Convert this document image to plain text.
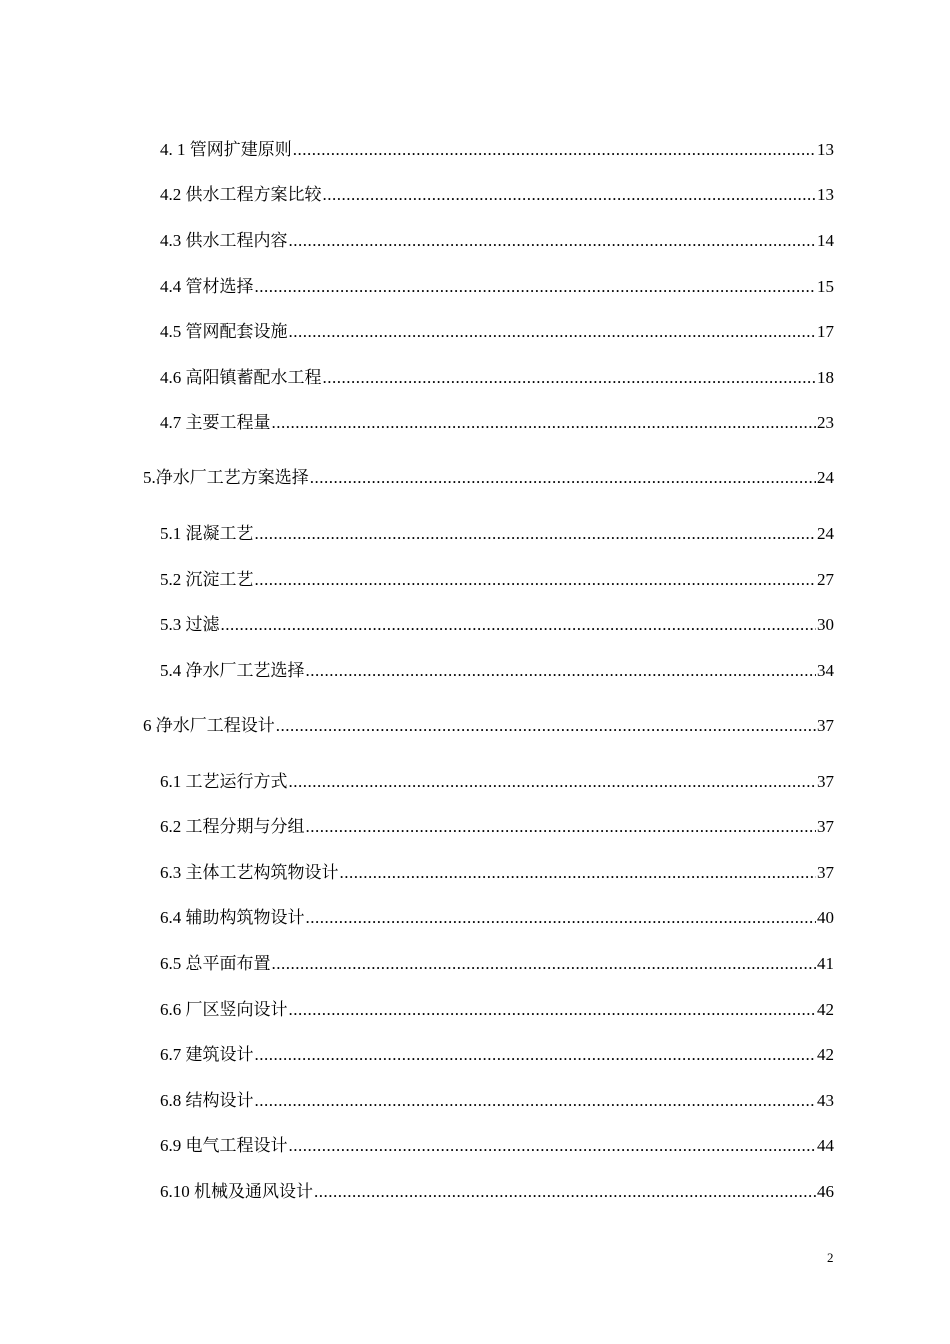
4. 1 管网扩建原则 .....	13
4.2 供水工程方案比较 .....	13
4.3 供水工程内容 .....	14
4.4 管材选择 .....	15
4.5 管网配套设施 .....	17
4.6 高阳镇蓄配水工程 .....	18
4.7 主要工程量 .....	23
5.净水厂工艺方案选择 .....	24
5.1 混凝工艺 .....	24
5.2 沉淀工艺 .....	27
5.3 过滤 .....	30
5.4 净水厂工艺选择 .....	34
6 净水厂工程设计 .....	37
6.1 工艺运行方式 .....	37
6.2 工程分期与分组 .....	37
6.3 主体工艺构筑物设计 .....	37
6.4 辅助构筑物设计 .....	40
6.5 总平面布置 .....	41
6.6 厂区竖向设计 .....	42
6.7 建筑设计 .....	42
6.8 结构设计 .....	43
6.9 电气工程设计 .....	44
6.10 机械及通风设计 .....	46
2
